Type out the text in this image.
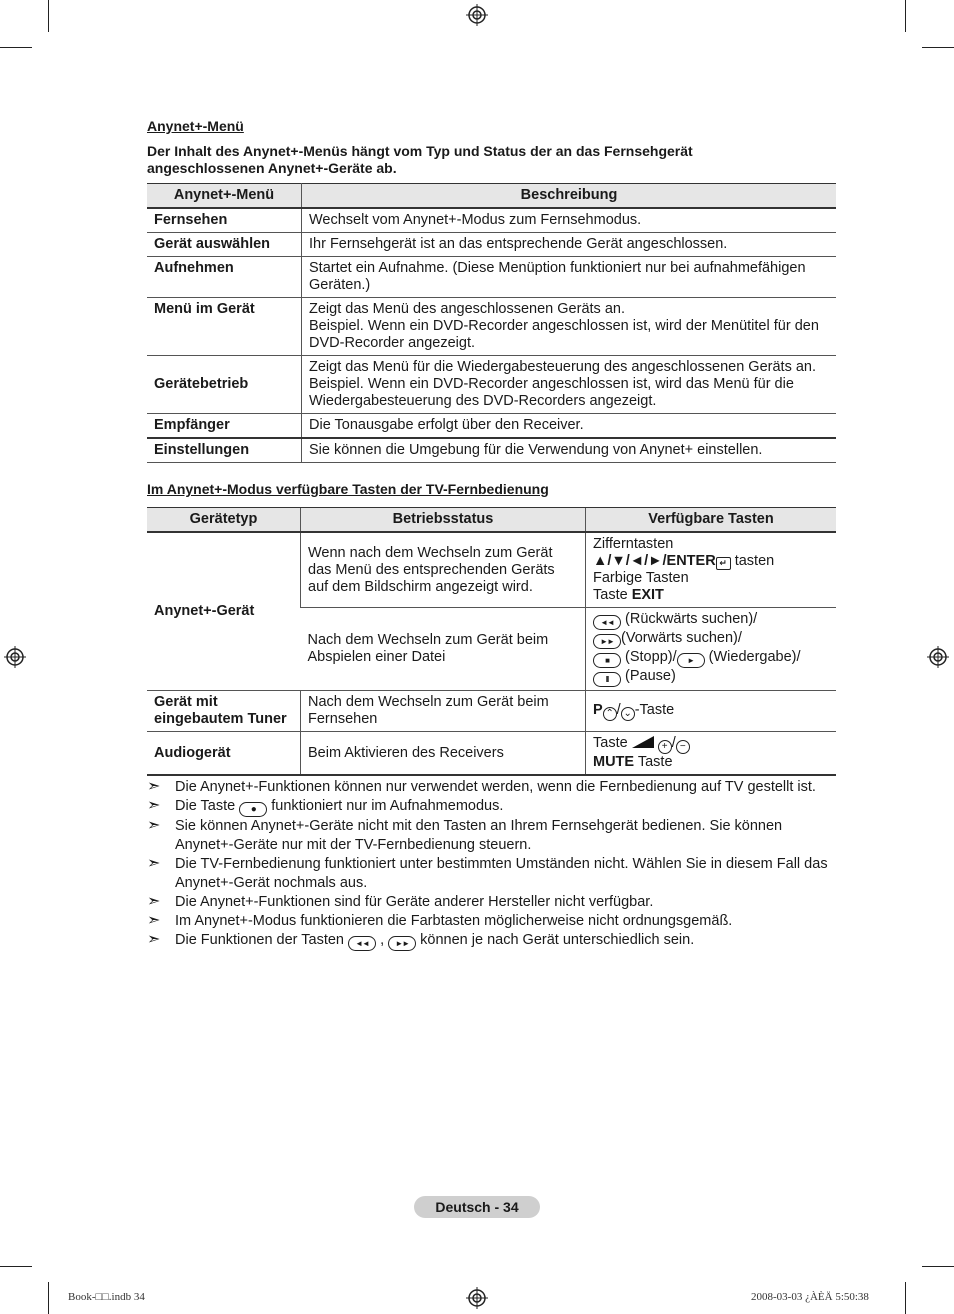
Anynet+-Menü
Der Inhalt des Anynet+-Menüs hängt vom Typ und Status der an das Fernsehgerät angeschlossenen Anynet+-Geräte ab.
Anynet+-Menü	Beschreibung
Fernsehen	Wechselt vom Anynet+-Modus zum Fernsehmodus.
Gerät auswählen	Ihr Fernsehgerät ist an das entsprechende Gerät angeschlossen.
Aufnehmen	Startet ein Aufnahme. (Diese Menüption funktioniert nur bei aufnahmefähigen Geräten.)
Menü im Gerät	Zeigt das Menü des angeschlossenen Geräts an.
Beispiel. Wenn ein DVD-Recorder angeschlossen ist, wird der Menütitel für den DVD-Recorder angezeigt.

Gerätebetrieb	Zeigt das Menü für die Wiedergabesteuerung des angeschlossenen Geräts an.
Beispiel. Wenn ein DVD-Recorder angeschlossen ist, wird das Menü für die Wiedergabesteuerung des DVD-Recorders angezeigt.

Empfänger	Die Tonausgabe erfolgt über den Receiver.
Einstellungen	Sie können die Umgebung für die Verwendung von Anynet+ einstellen.
Im Anynet+-Modus verfügbare Tasten der TV-Fernbedienung
Gerätetyp	Betriebsstatus	Verfügbare Tasten
Anynet+-Gerät	Wenn nach dem Wechseln zum Gerät das Menü des entsprechenden Geräts auf dem Bildschirm angezeigt wird.	Zifferntasten
▲/▼/◄/►/ENTER ↵ tasten
Farbige Tasten
Taste EXIT

	Nach dem Wechseln zum Gerät beim Abspielen einer Datei	◄◄ (Rückwärts suchen)/
►► (Vorwärts suchen)/
■ (Stopp)/ ► (Wiedergabe)/
II (Pause)

Gerät mit eingebautem Tuner	Nach dem Wechseln zum Gerät beim Fernsehen	P ⌃ / ⌄ -Taste
Audiogerät	Beim Aktivieren des Receivers	Taste + / −
MUTE Taste
➣ Die Anynet+-Funktionen können nur verwendet werden, wenn die Fernbedienung auf TV gestellt ist.
➣ Die Taste ● funktioniert nur im Aufnahmemodus.
➣ Sie können Anynet+-Geräte nicht mit den Tasten an Ihrem Fernsehgerät bedienen. Sie können Anynet+-Geräte nur mit der TV-Fernbedienung steuern.
➣ Die TV-Fernbedienung funktioniert unter bestimmten Umständen nicht. Wählen Sie in diesem Fall das Anynet+-Gerät nochmals aus.
➣ Die Anynet+-Funktionen sind für Geräte anderer Hersteller nicht verfügbar.
➣ Im Anynet+-Modus funktionieren die Farbtasten möglicherweise nicht ordnungsgemäß.
➣ Die Funktionen der Tasten ◄◄ , ►► können je nach Gerät unterschiedlich sein.
Deutsch - 34
Book-□□.indb 34	2008-03-03 ¿ÀÈÄ 5:50:38
